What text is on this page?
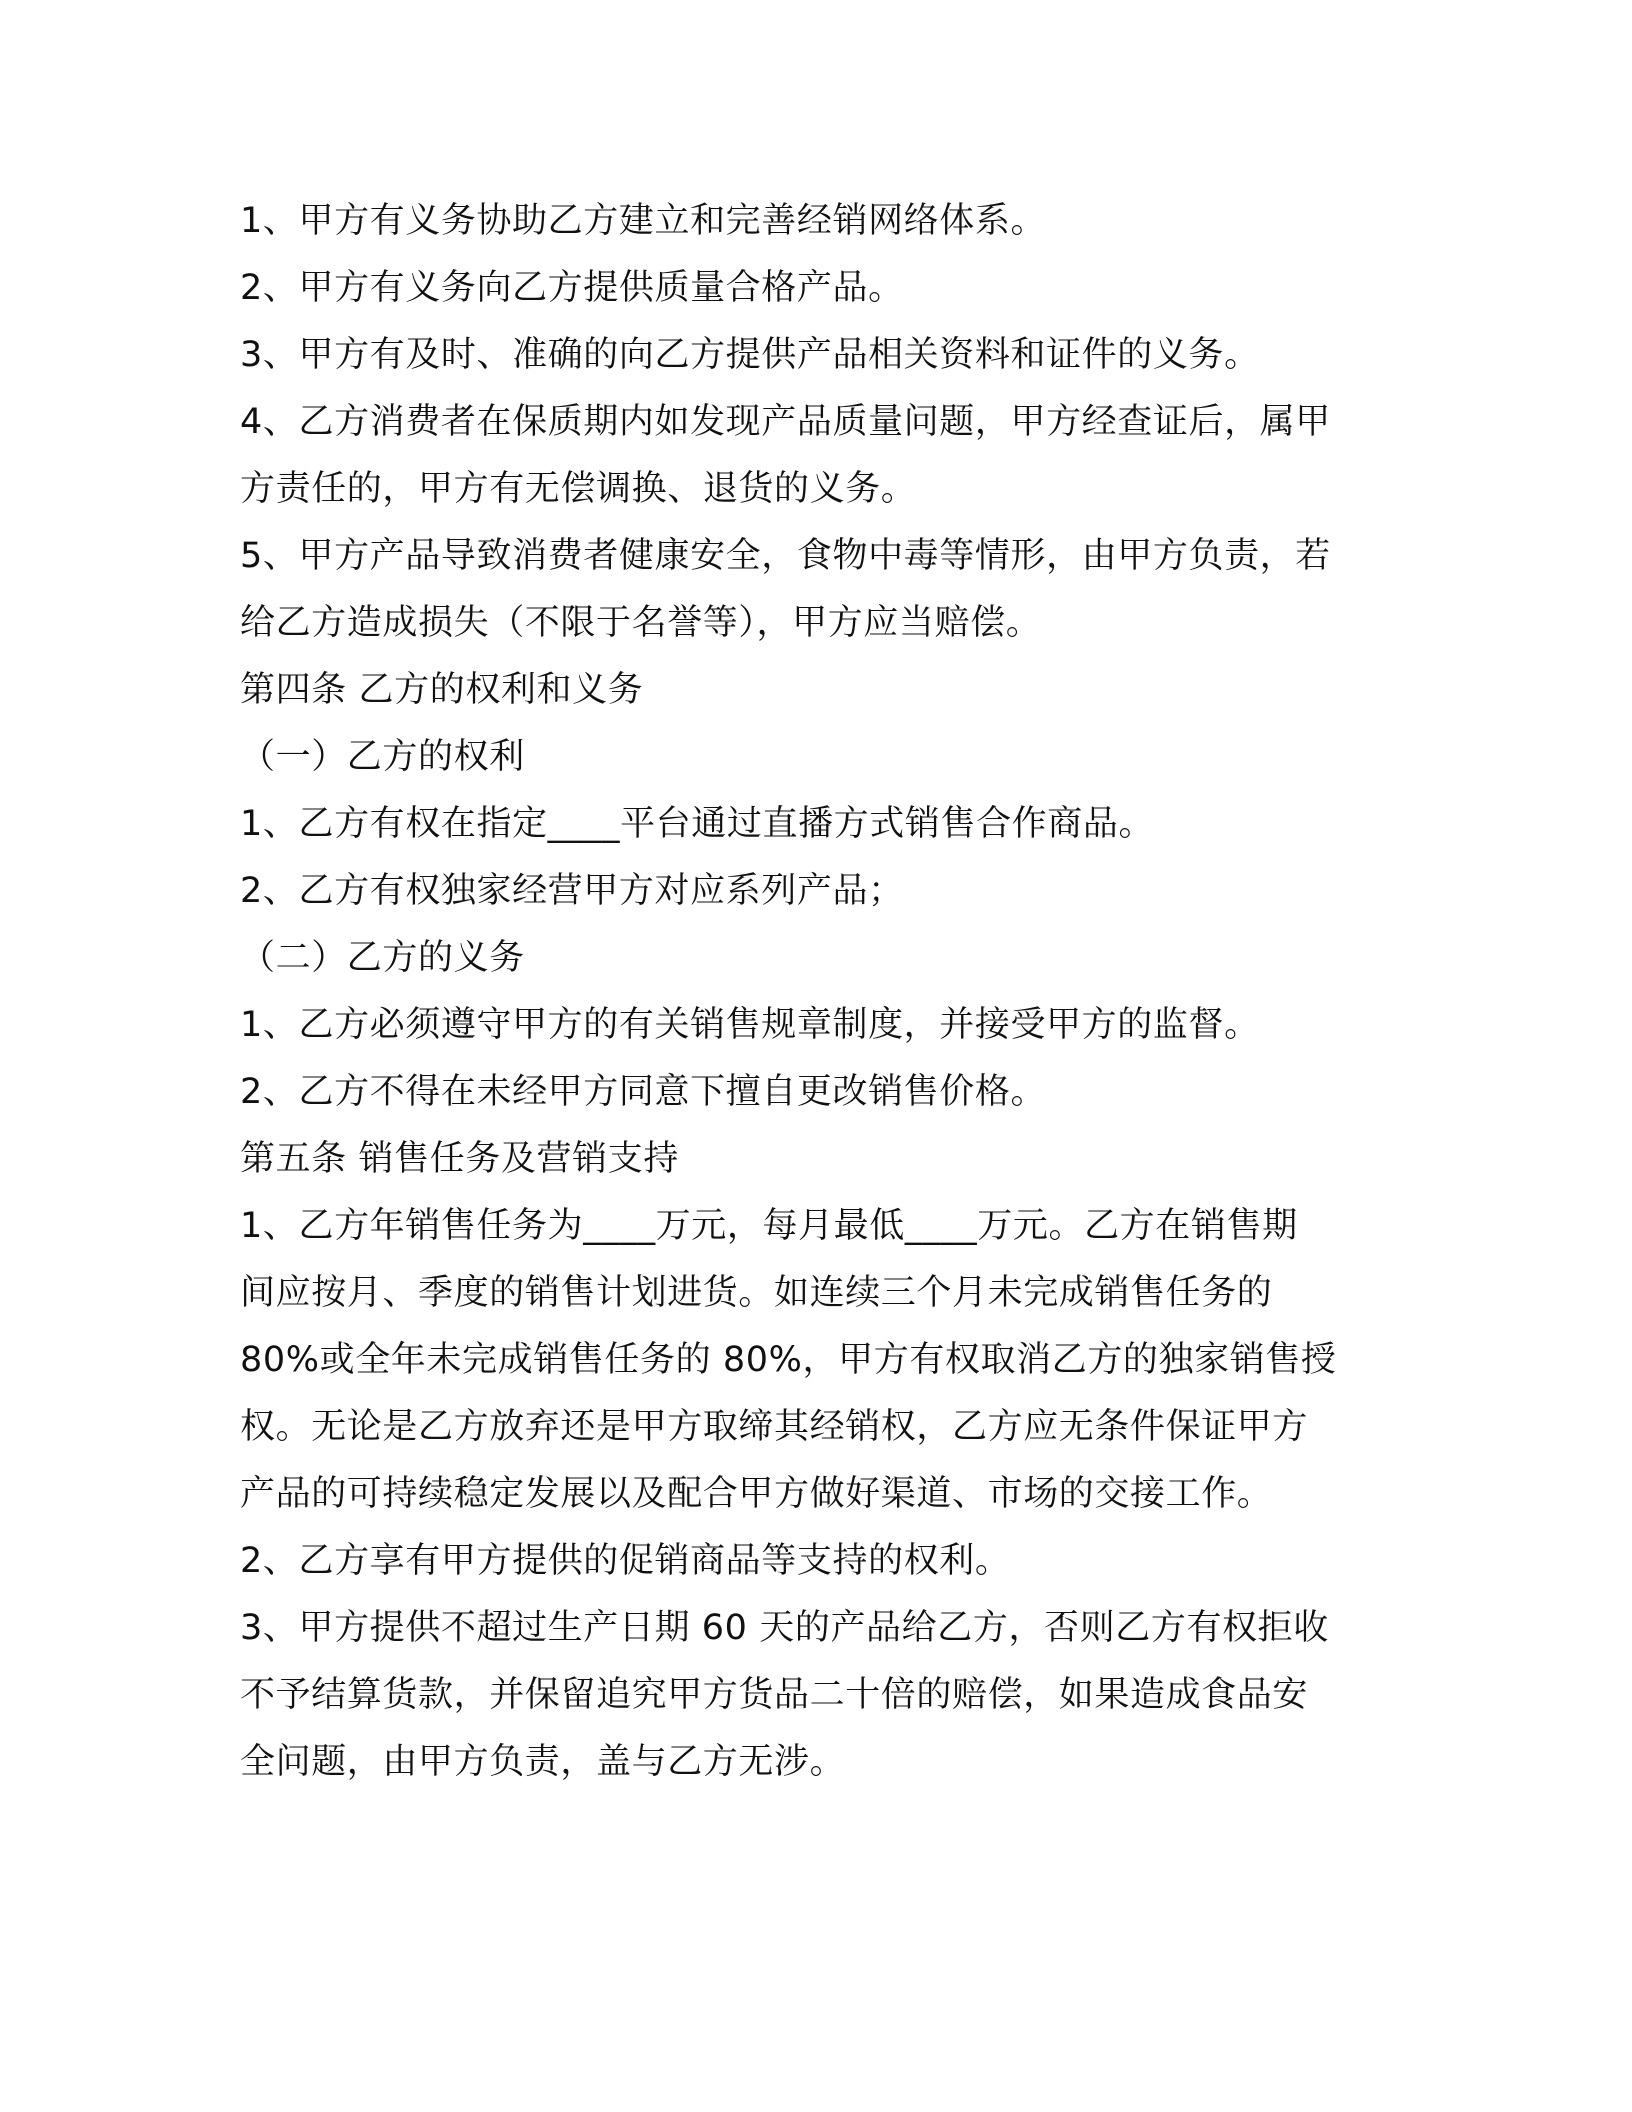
1、甲方有义务协助乙方建立和完善经销网络体系。
2、甲方有义务向乙方提供质量合格产品。
3、甲方有及时、准确的向乙方提供产品相关资料和证件的义务。
4、乙方消费者在保质期内如发现产品质量问题，甲方经查证后，属甲
方责任的，甲方有无偿调换、退货的义务。
5、甲方产品导致消费者健康安全，食物中毒等情形，由甲方负责，若
给乙方造成损失（不限于名誉等），甲方应当赔偿。
第四条 乙方的权利和义务
（一）乙方的权利
1、乙方有权在指定____平台通过直播方式销售合作商品。
2、乙方有权独家经营甲方对应系列产品；
（二）乙方的义务
1、乙方必须遵守甲方的有关销售规章制度，并接受甲方的监督。
2、乙方不得在未经甲方同意下擅自更改销售价格。
第五条 销售任务及营销支持
1、乙方年销售任务为____万元，每月最低____万元。乙方在销售期
间应按月、季度的销售计划进货。如连续三个月未完成销售任务的
80%或全年未完成销售任务的 80%，甲方有权取消乙方的独家销售授
权。无论是乙方放弃还是甲方取缔其经销权，乙方应无条件保证甲方
产品的可持续稳定发展以及配合甲方做好渠道、市场的交接工作。
2、乙方享有甲方提供的促销商品等支持的权利。
3、甲方提供不超过生产日期 60 天的产品给乙方，否则乙方有权拒收
不予结算货款，并保留追究甲方货品二十倍的赔偿，如果造成食品安
全问题，由甲方负责，盖与乙方无涉。
